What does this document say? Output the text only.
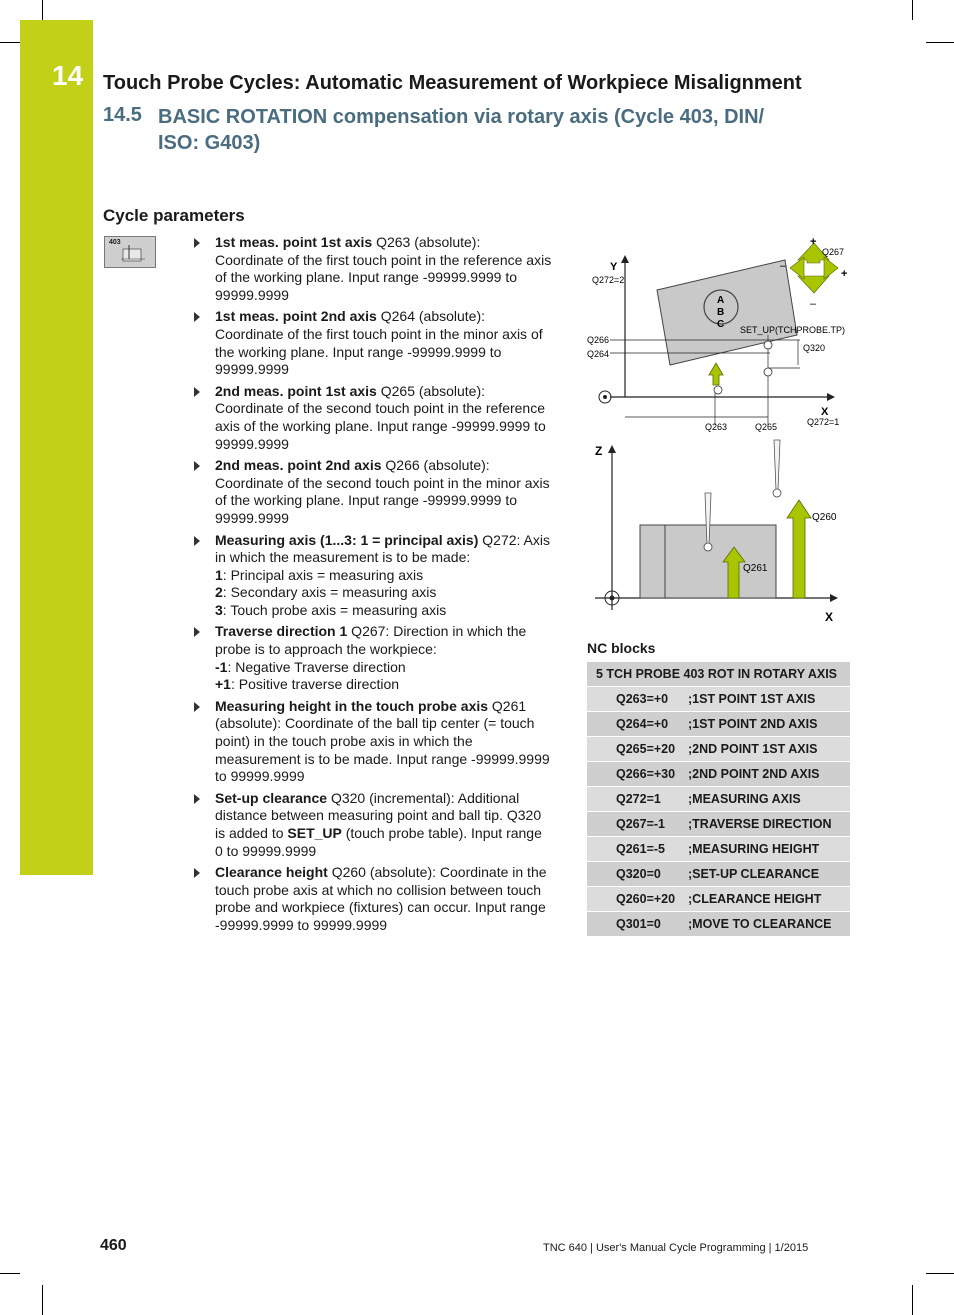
14 Touch Probe Cycles: Automatic Measurement of Workpiece Misalignment
14.5 BASIC ROTATION compensation via rotary axis (Cycle 403, DIN/ ISO: G403)
Cycle parameters
403	1st meas. point 1st axis Q263 (absolute): Coordinate of the first touch point in the reference axis of the working plane. Input range -99999.9999 to 99999.9999
1st meas. point 2nd axis Q264 (absolute): Coordinate of the first touch point in the minor axis of the working plane. Input range -99999.9999 to 99999.9999
2nd meas. point 1st axis Q265 (absolute): Coordinate of the second touch point in the reference axis of the working plane. Input range -99999.9999 to 99999.9999
2nd meas. point 2nd axis Q266 (absolute): Coordinate of the second touch point in the minor axis of the working plane. Input range -99999.9999 to 99999.9999
Measuring axis (1...3: 1 = principal axis) Q272: Axis in which the measurement is to be made:
1: Principal axis = measuring axis
2: Secondary axis = measuring axis
3: Touch probe axis = measuring axis
Traverse direction 1 Q267: Direction in which the probe is to approach the workpiece:
-1: Negative Traverse direction
+1: Positive traverse direction
Measuring height in the touch probe axis Q261 (absolute): Coordinate of the ball tip center (= touch point) in the touch probe axis in which the measurement is to be made. Input range -99999.9999 to 99999.9999
Set-up clearance Q320 (incremental): Additional distance between measuring point and ball tip. Q320 is added to SET_UP (touch probe table). Input range 0 to 99999.9999
Clearance height Q260 (absolute): Coordinate in the touch probe axis at which no collision between touch probe and workpiece (fixtures) can occur. Input range -99999.9999 to 99999.9999
Y
Q272=2
X
Q272=1
A
B
C
Q266
Q264
Q263	Q265
Q320
SET_UP(TCHPROBE.TP)
+
+
–
–
Q267
Z
X
Q260
Q261
NC blocks
5 TCH PROBE 403 ROT IN ROTARY AXIS	
Q263=+0	;1ST POINT 1ST AXIS
Q264=+0	;1ST POINT 2ND AXIS
Q265=+20	;2ND POINT 1ST AXIS
Q266=+30	;2ND POINT 2ND AXIS
Q272=1	;MEASURING AXIS
Q267=-1	;TRAVERSE DIRECTION
Q261=-5	;MEASURING HEIGHT
Q320=0	;SET-UP CLEARANCE
Q260=+20	;CLEARANCE HEIGHT
Q301=0	;MOVE TO CLEARANCE
460	TNC 640 | User's Manual Cycle Programming | 1/2015
